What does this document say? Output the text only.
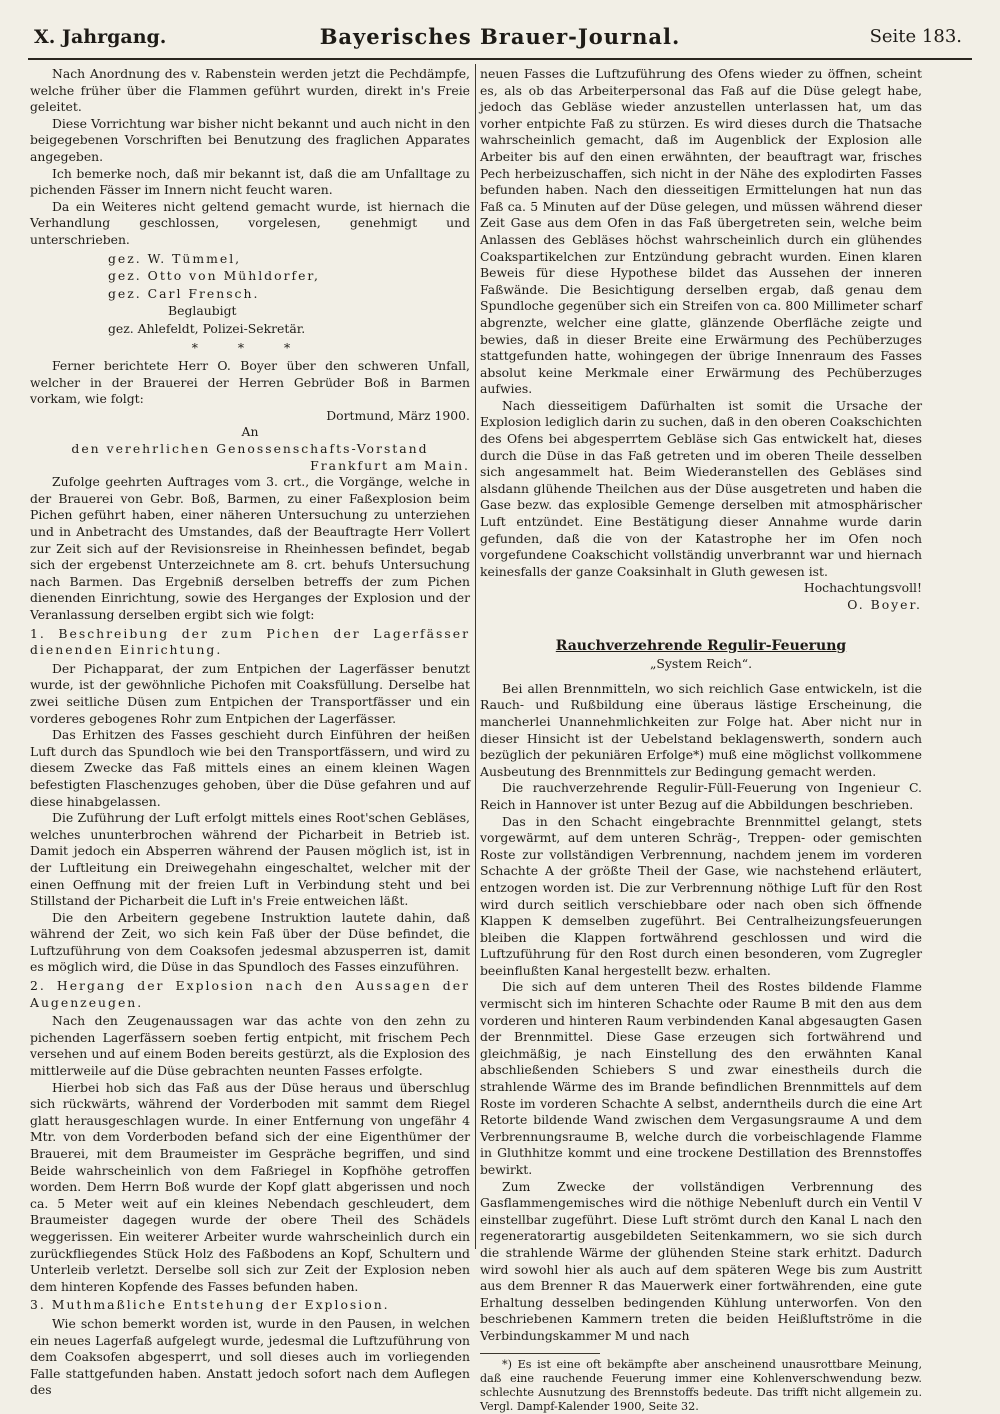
X. Jahrgang.	Bayerisches Brauer-Journal.	Seite 183.

Nach Anordnung des v. Rabenstein werden jetzt die Pechdämpfe, welche früher über die Flammen geführt wurden, direkt in's Freie geleitet.

Diese Vorrichtung war bisher nicht bekannt und auch nicht in den beigegebenen Vorschriften bei Benutzung des fraglichen Apparates angegeben.

Ich bemerke noch, daß mir bekannt ist, daß die am Unfalltage zu pichenden Fässer im Innern nicht feucht waren.

Da ein Weiteres nicht geltend gemacht wurde, ist hiernach die Verhandlung geschlossen, vorgelesen, genehmigt und unterschrieben.

gez. W. Tümmel,
gez. Otto von Mühldorfer,
gez. Carl Frensch.
Beglaubigt
gez. Ahlefeldt, Polizei-Sekretär.
* * *

Ferner berichtete Herr O. Boyer über den schweren Unfall, welcher in der Brauerei der Herren Gebrüder Boß in Barmen vorkam, wie folgt:

Dortmund, März 1900.

An

den verehrlichen Genossenschafts-Vorstand

Frankfurt am Main.

Zufolge geehrten Auftrages vom 3. crt., die Vorgänge, welche in der Brauerei von Gebr. Boß, Barmen, zu einer Faßexplosion beim Pichen geführt haben, einer näheren Untersuchung zu unterziehen und in Anbetracht des Umstandes, daß der Beauftragte Herr Vollert zur Zeit sich auf der Revisionsreise in Rheinhessen befindet, begab sich der ergebenst Unterzeichnete am 8. crt. behufs Untersuchung nach Barmen. Das Ergebniß derselben betreffs der zum Pichen dienenden Einrichtung, sowie des Herganges der Explosion und der Veranlassung derselben ergibt sich wie folgt:

1. Beschreibung der zum Pichen der Lagerfässer dienenden Einrichtung.

Der Pichapparat, der zum Entpichen der Lagerfässer benutzt wurde, ist der gewöhnliche Pichofen mit Coaksfüllung. Derselbe hat zwei seitliche Düsen zum Entpichen der Transportfässer und ein vorderes gebogenes Rohr zum Entpichen der Lagerfässer.

Das Erhitzen des Fasses geschieht durch Einführen der heißen Luft durch das Spundloch wie bei den Transportfässern, und wird zu diesem Zwecke das Faß mittels eines an einem kleinen Wagen befestigten Flaschenzuges gehoben, über die Düse gefahren und auf diese hinabgelassen.

Die Zuführung der Luft erfolgt mittels eines Root'schen Gebläses, welches ununterbrochen während der Picharbeit in Betrieb ist. Damit jedoch ein Absperren während der Pausen möglich ist, ist in der Luftleitung ein Dreiwegehahn eingeschaltet, welcher mit der einen Oeffnung mit der freien Luft in Verbindung steht und bei Stillstand der Picharbeit die Luft in's Freie entweichen läßt.

Die den Arbeitern gegebene Instruktion lautete dahin, daß während der Zeit, wo sich kein Faß über der Düse befindet, die Luftzuführung von dem Coaksofen jedesmal abzusperren ist, damit es möglich wird, die Düse in das Spundloch des Fasses einzuführen.

2. Hergang der Explosion nach den Aussagen der Augenzeugen.

Nach den Zeugenaussagen war das achte von den zehn zu pichenden Lagerfässern soeben fertig entpicht, mit frischem Pech versehen und auf einem Boden bereits gestürzt, als die Explosion des mittlerweile auf die Düse gebrachten neunten Fasses erfolgte.

Hierbei hob sich das Faß aus der Düse heraus und überschlug sich rückwärts, während der Vorderboden mit sammt dem Riegel glatt herausgeschlagen wurde. In einer Entfernung von ungefähr 4 Mtr. von dem Vorderboden befand sich der eine Eigenthümer der Brauerei, mit dem Braumeister im Gespräche begriffen, und sind Beide wahrscheinlich von dem Faßriegel in Kopfhöhe getroffen worden. Dem Herrn Boß wurde der Kopf glatt abgerissen und noch ca. 5 Meter weit auf ein kleines Nebendach geschleudert, dem Braumeister dagegen wurde der obere Theil des Schädels weggerissen. Ein weiterer Arbeiter wurde wahrscheinlich durch ein zurückfliegendes Stück Holz des Faßbodens an Kopf, Schultern und Unterleib verletzt. Derselbe soll sich zur Zeit der Explosion neben dem hinteren Kopfende des Fasses befunden haben.

3. Muthmaßliche Entstehung der Explosion.

Wie schon bemerkt worden ist, wurde in den Pausen, in welchen ein neues Lagerfaß aufgelegt wurde, jedesmal die Luftzuführung von dem Coaksofen abgesperrt, und soll dieses auch im vorliegenden Falle stattgefunden haben. Anstatt jedoch sofort nach dem Auflegen des

neuen Fasses die Luftzuführung des Ofens wieder zu öffnen, scheint es, als ob das Arbeiterpersonal das Faß auf die Düse gelegt habe, jedoch das Gebläse wieder anzustellen unterlassen hat, um das vorher entpichte Faß zu stürzen. Es wird dieses durch die Thatsache wahrscheinlich gemacht, daß im Augenblick der Explosion alle Arbeiter bis auf den einen erwähnten, der beauftragt war, frisches Pech herbeizuschaffen, sich nicht in der Nähe des explodirten Fasses befunden haben. Nach den diesseitigen Ermittelungen hat nun das Faß ca. 5 Minuten auf der Düse gelegen, und müssen während dieser Zeit Gase aus dem Ofen in das Faß übergetreten sein, welche beim Anlassen des Gebläses höchst wahrscheinlich durch ein glühendes Coakspartikelchen zur Entzündung gebracht wurden. Einen klaren Beweis für diese Hypothese bildet das Aussehen der inneren Faßwände. Die Besichtigung derselben ergab, daß genau dem Spundloche gegenüber sich ein Streifen von ca. 800 Millimeter scharf abgrenzte, welcher eine glatte, glänzende Oberfläche zeigte und bewies, daß in dieser Breite eine Erwärmung des Pechüberzuges stattgefunden hatte, wohingegen der übrige Innenraum des Fasses absolut keine Merkmale einer Erwärmung des Pechüberzuges aufwies.

Nach diesseitigem Dafürhalten ist somit die Ursache der Explosion lediglich darin zu suchen, daß in den oberen Coakschichten des Ofens bei abgesperrtem Gebläse sich Gas entwickelt hat, dieses durch die Düse in das Faß getreten und im oberen Theile desselben sich angesammelt hat. Beim Wiederanstellen des Gebläses sind alsdann glühende Theilchen aus der Düse ausgetreten und haben die Gase bezw. das explosible Gemenge derselben mit atmosphärischer Luft entzündet. Eine Bestätigung dieser Annahme wurde darin gefunden, daß die von der Katastrophe her im Ofen noch vorgefundene Coakschicht vollständig unverbrannt war und hiernach keinesfalls der ganze Coaksinhalt in Gluth gewesen ist.

Hochachtungsvoll!

O. Boyer.

Rauchverzehrende Regulir-Feuerung
„System Reich“.

Bei allen Brennmitteln, wo sich reichlich Gase entwickeln, ist die Rauch- und Rußbildung eine überaus lästige Erscheinung, die mancherlei Unannehmlichkeiten zur Folge hat. Aber nicht nur in dieser Hinsicht ist der Uebelstand beklagenswerth, sondern auch bezüglich der pekuniären Erfolge*) muß eine möglichst vollkommene Ausbeutung des Brennmittels zur Bedingung gemacht werden.

Die rauchverzehrende Regulir-Füll-Feuerung von Ingenieur C. Reich in Hannover ist unter Bezug auf die Abbildungen beschrieben.

Das in den Schacht eingebrachte Brennmittel gelangt, stets vorgewärmt, auf dem unteren Schräg-, Treppen- oder gemischten Roste zur vollständigen Verbrennung, nachdem jenem im vorderen Schachte A der größte Theil der Gase, wie nachstehend erläutert, entzogen worden ist. Die zur Verbrennung nöthige Luft für den Rost wird durch seitlich verschiebbare oder nach oben sich öffnende Klappen K demselben zugeführt. Bei Centralheizungsfeuerungen bleiben die Klappen fortwährend geschlossen und wird die Luftzuführung für den Rost durch einen besonderen, vom Zugregler beeinflußten Kanal hergestellt bezw. erhalten.

Die sich auf dem unteren Theil des Rostes bildende Flamme vermischt sich im hinteren Schachte oder Raume B mit den aus dem vorderen und hinteren Raum verbindenden Kanal abgesaugten Gasen der Brennmittel. Diese Gase erzeugen sich fortwährend und gleichmäßig, je nach Einstellung des den erwähnten Kanal abschließenden Schiebers S und zwar einestheils durch die strahlende Wärme des im Brande befindlichen Brennmittels auf dem Roste im vorderen Schachte A selbst, anderntheils durch die eine Art Retorte bildende Wand zwischen dem Vergasungsraume A und dem Verbrennungsraume B, welche durch die vorbeischlagende Flamme in Gluthhitze kommt und eine trockene Destillation des Brennstoffes bewirkt.

Zum Zwecke der vollständigen Verbrennung des Gasflammengemisches wird die nöthige Nebenluft durch ein Ventil V einstellbar zugeführt. Diese Luft strömt durch den Kanal L nach den regeneratorartig ausgebildeten Seitenkammern, wo sie sich durch die strahlende Wärme der glühenden Steine stark erhitzt. Dadurch wird sowohl hier als auch auf dem späteren Wege bis zum Austritt aus dem Brenner R das Mauerwerk einer fortwährenden, eine gute Erhaltung desselben bedingenden Kühlung unterworfen. Von den beschriebenen Kammern treten die beiden Heißluftströme in die Verbindungskammer M und nach

*) Es ist eine oft bekämpfte aber anscheinend unausrottbare Meinung, daß eine rauchende Feuerung immer eine Kohlenverschwendung bezw. schlechte Ausnutzung des Brennstoffs bedeute. Das trifft nicht allgemein zu. Vergl. Dampf-Kalender 1900, Seite 32.
